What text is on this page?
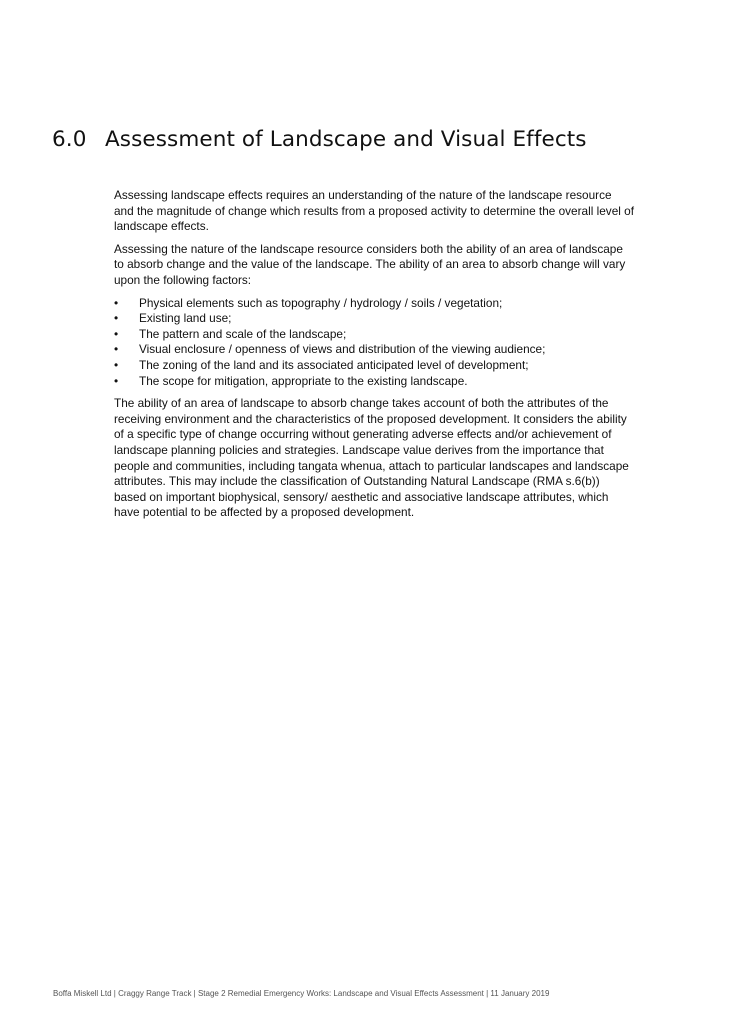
6.0 Assessment of Landscape and Visual Effects

Assessing landscape effects requires an understanding of the nature of the landscape resource and the magnitude of change which results from a proposed activity to determine the overall level of landscape effects.

Assessing the nature of the landscape resource considers both the ability of an area of landscape to absorb change and the value of the landscape. The ability of an area to absorb change will vary upon the following factors:

• Physical elements such as topography / hydrology / soils / vegetation;
• Existing land use;
• The pattern and scale of the landscape;
• Visual enclosure / openness of views and distribution of the viewing audience;
• The zoning of the land and its associated anticipated level of development;
• The scope for mitigation, appropriate to the existing landscape.

The ability of an area of landscape to absorb change takes account of both the attributes of the receiving environment and the characteristics of the proposed development. It considers the ability of a specific type of change occurring without generating adverse effects and/or achievement of landscape planning policies and strategies. Landscape value derives from the importance that people and communities, including tangata whenua, attach to particular landscapes and landscape attributes. This may include the classification of Outstanding Natural Landscape (RMA s.6(b)) based on important biophysical, sensory/ aesthetic and associative landscape attributes, which have potential to be affected by a proposed development.

Boffa Miskell Ltd | Craggy Range Track | Stage 2 Remedial Emergency Works: Landscape and Visual Effects Assessment | 11 January 2019
